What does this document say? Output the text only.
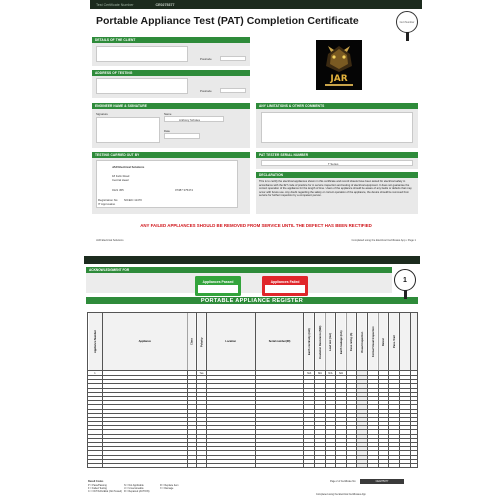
Test Certificate Number	CE0275377
Portable Appliance Test (PAT) Completion Certificate	Cert Number
DETAILS OF THE CLIENT
Postcode
ADDRESS OF TESTING
Postcode
JAR
ENGINEER NAME & SIGNATURE
Signature	Name
Anthony Scholes
Date
ANY LIMITATIONS & OTHER COMMENTS
TESTING CARRIED OUT BY
JAR Electrical Solutions
18 Felix Road
Central Head
0121 455	07387 375474
Registration No: NICEIC 11470
IT Approvalno
PAT TESTER SERIAL NUMBER
T Series
DECLARATION
This is to certify the electrical appliances shown in this certificate and record sheets have been tested for electrical safety in accordance with the IET code of practice for in service inspection and testing of electrical equipment. It does not guarantee the correct operation of the appliance for the length of time. Users of the appliance should be aware of any faults or defects that may occur with future use. Any doubt regarding the safety or correct operation of the appliance, the device should be removed from service for further inspection by a competent person.
ANY FAILED APPLIANCES SHOULD BE REMOVED FROM SERVICE UNTIL THE DEFECT HAS BEEN RECTIFIED
JAR Electrical Solutions	Completed using the Electrical Certificates App • Page 1
ACKNOWLEDGMENT FOR
Appliances Passed	Appliances Failed
PORTABLE APPLIANCE REGISTER
1
Appliance Number	Appliance	Class	Polarity	Location	Serial number(ID)	Earth continuity (mΩ)	Insulation Resistance (MΩ)	Lead test (mA)	Earth leakage (mA)	Fuse rating (A)	Visual inspection	Formal Visual Inspection	Retest	Pass / Fail		
1			Yes			N/A	N/A	N/A	N/A							

Result Codes
P = Pass/Passing
F = Failed Testing
C = OCT/FAIL/ELE (Not Tested)
N = Not Applicable
U = Unserviceable
R = Repaired (ACTION)
R = Replace Item
X = Damage
Page 2 of Certificate No:	CE0275377
Completed using the Electrical Certificates App
